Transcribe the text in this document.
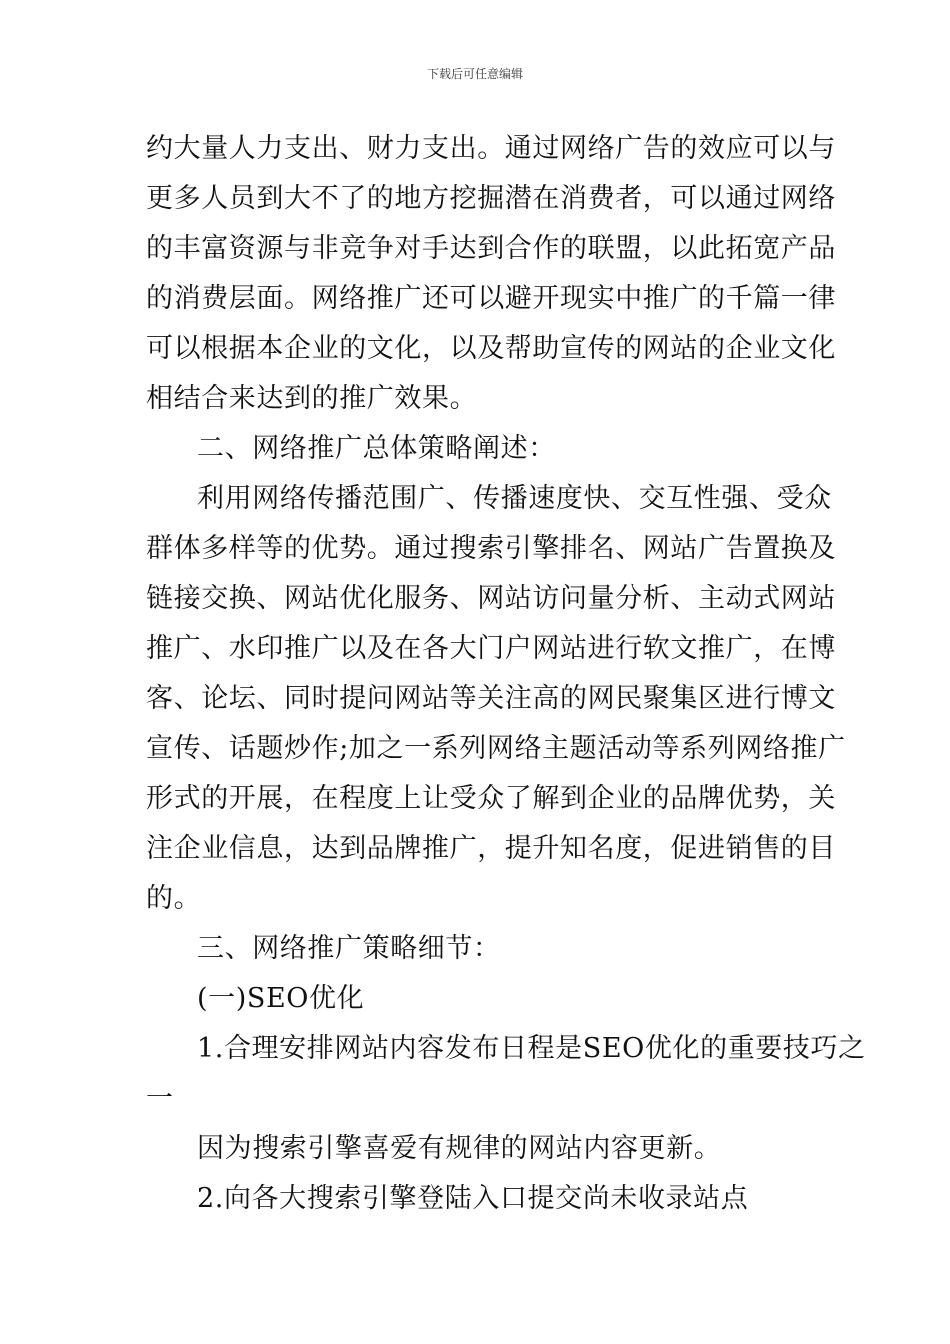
下载后可任意编辑
约大量人力支出、财力支出。通过网络广告的效应可以与
更多人员到大不了的地方挖掘潜在消费者，可以通过网络
的丰富资源与非竞争对手达到合作的联盟，以此拓宽产品
的消费层面。网络推广还可以避开现实中推广的千篇一律
可以根据本企业的文化，以及帮助宣传的网站的企业文化
相结合来达到的推广效果。
二、网络推广总体策略阐述：
利用网络传播范围广、传播速度快、交互性强、受众
群体多样等的优势。通过搜索引擎排名、网站广告置换及
链接交换、网站优化服务、网站访问量分析、主动式网站
推广、水印推广以及在各大门户网站进行软文推广，在博
客、论坛、同时提问网站等关注高的网民聚集区进行博文
宣传、话题炒作;加之一系列网络主题活动等系列网络推广
形式的开展，在程度上让受众了解到企业的品牌优势，关
注企业信息，达到品牌推广，提升知名度，促进销售的目
的。
三、网络推广策略细节：
(一)SEO优化
1.合理安排网站内容发布日程是SEO优化的重要技巧之
一
因为搜索引擎喜爱有规律的网站内容更新。
2.向各大搜索引擎登陆入口提交尚未收录站点
